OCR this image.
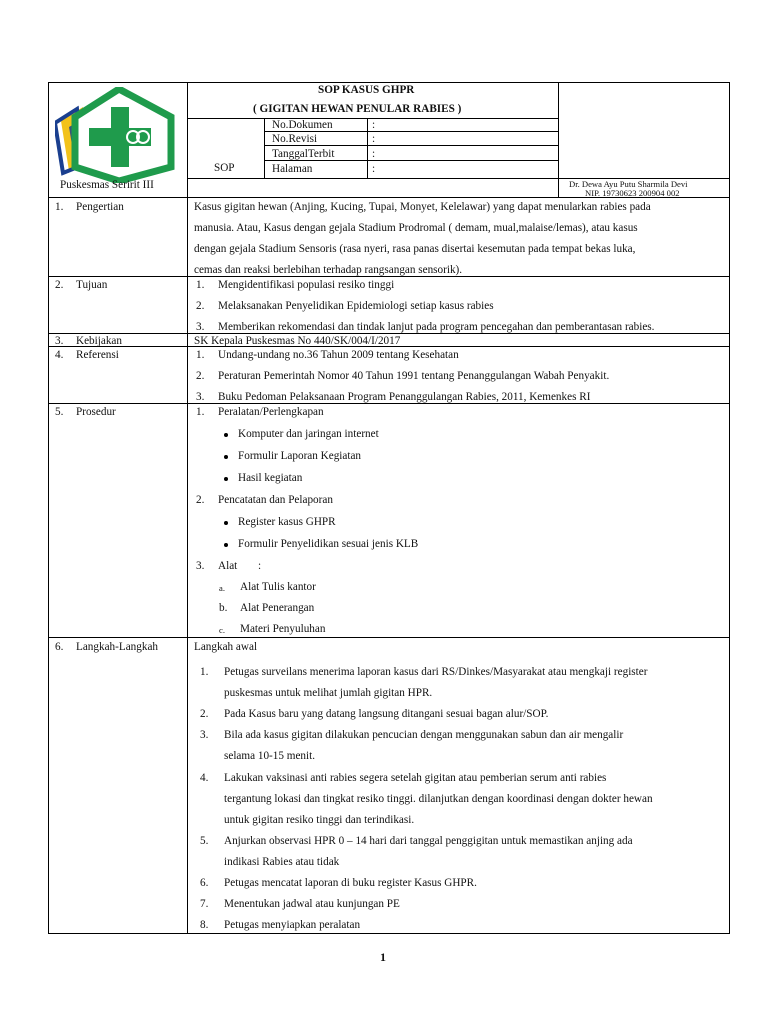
SOP KASUS GHPR
( GIGITAN HEWAN PENULAR RABIES )
SOP
Puskesmas Seririt III
No.Dokumen	:
No.Revisi	:
TanggalTerbit	:
Halaman	:
Dr. Dewa Ayu Putu Sharmila Devi
NIP. 19730623 200904 002
1. Pengertian	Kasus gigitan hewan (Anjing, Kucing, Tupai, Monyet, Kelelawar) yang dapat menularkan rabies pada
manusia. Atau, Kasus dengan gejala Stadium Prodromal ( demam, mual,malaise/lemas), atau kasus
dengan gejala Stadium Sensoris (rasa nyeri, rasa panas disertai kesemutan pada tempat bekas luka,
cemas dan reaksi berlebihan terhadap rangsangan sensorik).
2. Tujuan	1. Mengidentifikasi populasi resiko tinggi
2. Melaksanakan Penyelidikan Epidemiologi setiap kasus rabies
3. Memberikan rekomendasi dan tindak lanjut pada program pencegahan dan pemberantasan rabies.
3. Kebijakan	SK Kepala Puskesmas No 440/SK/004/I/2017
4. Referensi	1. Undang-undang no.36 Tahun 2009 tentang Kesehatan
2. Peraturan Pemerintah Nomor 40 Tahun 1991 tentang Penanggulangan Wabah Penyakit.
3. Buku Pedoman Pelaksanaan Program Penanggulangan Rabies, 2011, Kemenkes RI
5. Prosedur	1. Peralatan/Perlengkapan
Komputer dan jaringan internet
Formulir Laporan Kegiatan
Hasil kegiatan
2. Pencatatan dan Pelaporan
Register kasus GHPR
Formulir Penyelidikan sesuai jenis KLB
3. Alat :
a. Alat Tulis kantor
b. Alat Penerangan
c. Materi Penyuluhan
6. Langkah-Langkah	Langkah awal
1. Petugas surveilans menerima laporan kasus dari RS/Dinkes/Masyarakat atau mengkaji register
puskesmas untuk melihat jumlah gigitan HPR.
2. Pada Kasus baru yang datang langsung ditangani sesuai bagan alur/SOP.
3. Bila ada kasus gigitan dilakukan pencucian dengan menggunakan sabun dan air mengalir
selama 10-15 menit.
4. Lakukan vaksinasi anti rabies segera setelah gigitan atau pemberian serum anti rabies
tergantung lokasi dan tingkat resiko tinggi. dilanjutkan dengan koordinasi dengan dokter hewan
untuk gigitan resiko tinggi dan terindikasi.
5. Anjurkan observasi HPR 0 – 14 hari dari tanggal penggigitan untuk memastikan anjing ada
indikasi Rabies atau tidak
6. Petugas mencatat laporan di buku register Kasus GHPR.
7. Menentukan jadwal atau kunjungan PE
8. Petugas menyiapkan peralatan
1
